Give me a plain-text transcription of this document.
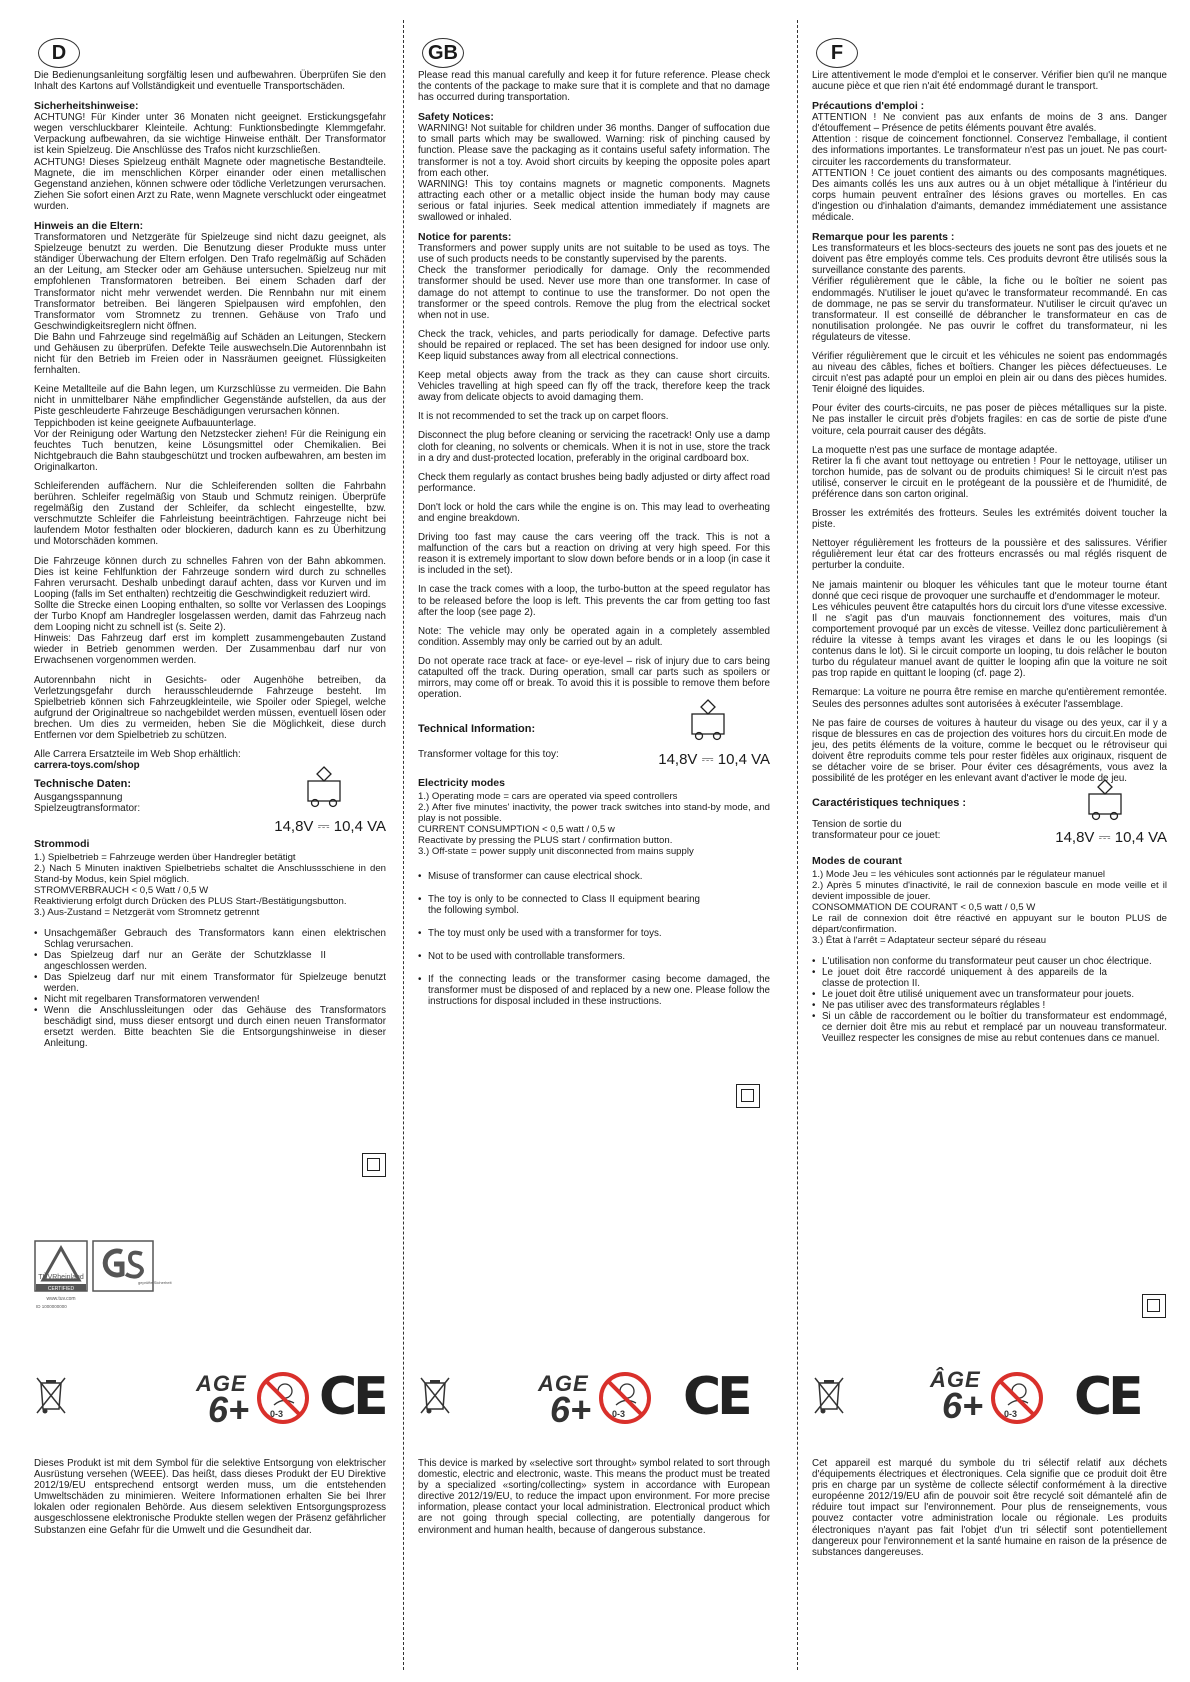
D

Die Bedienungsanleitung sorgfältig lesen und aufbewahren. Überprüfen Sie den Inhalt des Kartons auf Vollständigkeit und eventuelle Transportschäden.

Sicherheitshinweise:

ACHTUNG! Für Kinder unter 36 Monaten nicht geeignet. Erstickungsgefahr wegen verschluckbarer Kleinteile. Achtung: Funktionsbedingte Klemmgefahr. Verpackung aufbewahren, da sie wichtige Hinweise enthält. Der Transformator ist kein Spielzeug. Die Anschlüsse des Trafos nicht kurzschließen.
ACHTUNG! Dieses Spielzeug enthält Magnete oder magnetische Bestandteile. Magnete, die im menschlichen Körper einander oder einen metallischen Gegenstand anziehen, können schwere oder tödliche Verletzungen verursachen. Ziehen Sie sofort einen Arzt zu Rate, wenn Magnete verschluckt oder eingeatmet wurden.

Hinweis an die Eltern:

Transformatoren und Netzgeräte für Spielzeuge sind nicht dazu geeignet, als Spielzeuge benutzt zu werden. Die Benutzung dieser Produkte muss unter ständiger Überwachung der Eltern erfolgen. Den Trafo regelmäßig auf Schäden an der Leitung, am Stecker oder am Gehäuse untersuchen. Spielzeug nur mit empfohlenen Transformatoren betreiben. Bei einem Schaden darf der Transformator nicht mehr verwendet werden. Die Rennbahn nur mit einem Transformator betreiben. Bei längeren Spielpausen wird empfohlen, den Transformator vom Stromnetz zu trennen. Gehäuse von Trafo und Geschwindigkeitsreglern nicht öffnen.
Die Bahn und Fahrzeuge sind regelmäßig auf Schäden an Leitungen, Steckern und Gehäusen zu überprüfen. Defekte Teile auswechseln.Die Autorennbahn ist nicht für den Betrieb im Freien oder in Nassräumen geeignet. Flüssigkeiten fernhalten.

Keine Metallteile auf die Bahn legen, um Kurzschlüsse zu vermeiden. Die Bahn nicht in unmittelbarer Nähe empfindlicher Gegenstände aufstellen, da aus der Piste geschleuderte Fahrzeuge Beschädigungen verursachen können.
Teppichboden ist keine geeignete Aufbauunterlage.
Vor der Reinigung oder Wartung den Netzstecker ziehen! Für die Reinigung ein feuchtes Tuch benutzen, keine Lösungsmittel oder Chemikalien. Bei Nichtgebrauch die Bahn staubgeschützt und trocken aufbewahren, am besten im Originalkarton.

Schleiferenden auffächern. Nur die Schleiferenden sollten die Fahrbahn berühren. Schleifer regelmäßig von Staub und Schmutz reinigen. Überprüfe regelmäßig den Zustand der Schleifer, da schlecht eingestellte, bzw. verschmutzte Schleifer die Fahrleistung beeinträchtigen. Fahrzeuge nicht bei laufendem Motor festhalten oder blockieren, dadurch kann es zu Überhitzung und Motorschäden kommen.

Die Fahrzeuge können durch zu schnelles Fahren von der Bahn abkommen. Dies ist keine Fehlfunktion der Fahrzeuge sondern wird durch zu schnelles Fahren verursacht. Deshalb unbedingt darauf achten, dass vor Kurven und im Looping (falls im Set enthalten) rechtzeitig die Geschwindigkeit reduziert wird.
Sollte die Strecke einen Looping enthalten, so sollte vor Verlassen des Loopings der Turbo Knopf am Handregler losgelassen werden, damit das Fahrzeug nach dem Looping nicht zu schnell ist (s. Seite 2).
Hinweis: Das Fahrzeug darf erst im komplett zusammengebauten Zustand wieder in Betrieb genommen werden. Der Zusammenbau darf nur von Erwachsenen vorgenommen werden.

Autorennbahn nicht in Gesichts- oder Augenhöhe betreiben, da Verletzungsgefahr durch herausschleudernde Fahrzeuge besteht. Im Spielbetrieb können sich Fahrzeugkleinteile, wie Spoiler oder Spiegel, welche aufgrund der Originaltreue so nachgebildet werden müssen, eventuell lösen oder brechen. Um dies zu vermeiden, heben Sie die Möglichkeit, diese durch Entfernen vor dem Spielbetrieb zu schützen.

Alle Carrera Ersatzteile im Web Shop erhältlich:

carrera-toys.com/shop

Technische Daten:
Ausgangsspannung
Spielzeugtransformator:
14,8V ⎓ 10,4 VA
Strommodi
1.) Spielbetrieb = Fahrzeuge werden über Handregler betätigt
2.) Nach 5 Minuten inaktiven Spielbetriebs schaltet die Anschlussschiene in den Stand-by Modus, kein Spiel möglich.
STROMVERBRAUCH < 0,5 Watt / 0,5 W
Reaktivierung erfolgt durch Drücken des PLUS Start-/Bestätigungsbutton.
3.) Aus-Zustand = Netzgerät vom Stromnetz getrennt
• Unsachgemäßer Gebrauch des Transformators kann einen elektrischen Schlag verursachen.
• Das Spielzeug darf nur an Geräte der Schutzklasse II angeschlossen werden.
• Das Spielzeug darf nur mit einem Transformator für Spielzeuge benutzt werden.
• Nicht mit regelbaren Transformatoren verwenden!
• Wenn die Anschlussleitungen oder das Gehäuse des Transformators beschädigt sind, muss dieser entsorgt und durch einen neuen Transformator ersetzt werden. Bitte beachten Sie die Entsorgungshinweise in dieser Anleitung.
TÜVRheinland
CERTIFIED
www.tuv.com
ID 1000000000
geprüfte Sicherheit
AGE
6+ 0-3 CE
Dieses Produkt ist mit dem Symbol für die selektive Entsorgung von elektrischer Ausrüstung versehen (WEEE). Das heißt, dass dieses Produkt der EU Direktive 2012/19/EU entsprechend entsorgt werden muss, um die entstehenden Umweltschäden zu minimieren. Weitere Informationen erhalten Sie bei Ihrer lokalen oder regionalen Behörde. Aus diesem selektiven Entsorgungsprozess ausgeschlossene elektronische Produkte stellen wegen der Präsenz gefährlicher Substanzen eine Gefahr für die Umwelt und die Gesundheit dar.
GB

Please read this manual carefully and keep it for future reference. Please check the contents of the package to make sure that it is complete and that no damage has occurred during transportation.

Safety Notices:

WARNING! Not suitable for children under 36 months. Danger of suffocation due to small parts which may be swallowed. Warning: risk of pinching caused by function. Please save the packaging as it contains useful safety information. The transformer is not a toy. Avoid short circuits by keeping the opposite poles apart from each other.
WARNING! This toy contains magnets or magnetic components. Magnets attracting each other or a metallic object inside the human body may cause serious or fatal injuries. Seek medical attention immediately if magnets are swallowed or inhaled.

Notice for parents:

Transformers and power supply units are not suitable to be used as toys. The use of such products needs to be constantly supervised by the parents.
Check the transformer periodically for damage. Only the recommended transformer should be used. Never use more than one transformer. In case of damage do not attempt to continue to use the transformer. Do not open the transformer or the speed controls. Remove the plug from the electrical socket when not in use.

Check the track, vehicles, and parts periodically for damage. Defective parts should be repaired or replaced. The set has been designed for indoor use only. Keep liquid substances away from all electrical connections.

Keep metal objects away from the track as they can cause short circuits. Vehicles travelling at high speed can fly off the track, therefore keep the track away from delicate objects to avoid damaging them.

It is not recommended to set the track up on carpet floors.

Disconnect the plug before cleaning or servicing the racetrack! Only use a damp cloth for cleaning, no solvents or chemicals. When it is not in use, store the track in a dry and dust-protected location, preferably in the original cardboard box.

Check them regularly as contact brushes being badly adjusted or dirty affect road performance.

Don't lock or hold the cars while the engine is on. This may lead to overheating and engine breakdown.

Driving too fast may cause the cars veering off the track. This is not a malfunction of the cars but a reaction on driving at very high speed. For this reason it is extremely important to slow down before bends or in a loop (in case it is included in the set).

In case the track comes with a loop, the turbo-button at the speed regulator has to be released before the loop is left. This prevents the car from getting too fast after the loop (see page 2).

Note: The vehicle may only be operated again in a completely assembled condition. Assembly may only be carried out by an adult.

Do not operate race track at face- or eye-level – risk of injury due to cars being catapulted off the track. During operation, small car parts such as spoilers or mirrors, may come off or break. To avoid this it is possible to remove them before operation.

Technical Information:
Transformer voltage for this toy:	14,8V ⎓ 10,4 VA
Electricity modes
1.) Operating mode = cars are operated via speed controllers
2.) After five minutes' inactivity, the power track switches into stand-by mode, and play is not possible.
CURRENT CONSUMPTION < 0,5 watt / 0,5 w
Reactivate by pressing the PLUS start / confirmation button.
3.) Off-state = power supply unit disconnected from mains supply
• Misuse of transformer can cause electrical shock.
• The toy is only to be connected to Class II equipment bearing the following symbol.
• The toy must only be used with a transformer for toys.
• Not to be used with controllable transformers.
• If the connecting leads or the transformer casing become damaged, the transformer must be disposed of and replaced by a new one. Please follow the instructions for disposal included in these instructions.
AGE
6+ 0-3 CE
This device is marked by «selective sort throught» symbol related to sort through domestic, electric and electronic, waste. This means the product must be treated by a specialized «sorting/collecting» system in accordance with European directive 2012/19/EU, to reduce the impact upon environment. For more precise information, please contact your local administration. Electronical product which are not going through special collecting, are potentially dangerous for environment and human health, because of dangerous substance.
F

Lire attentivement le mode d'emploi et le conserver. Vérifier bien qu'il ne manque aucune pièce et que rien n'ait été endommagé durant le transport.

Précautions d'emploi :

ATTENTION ! Ne convient pas aux enfants de moins de 3 ans. Danger d'étouffement – Présence de petits éléments pouvant être avalés.
Attention : risque de coincement fonctionnel. Conservez l'emballage, il contient des informations importantes. Le transformateur n'est pas un jouet. Ne pas court-circuiter les raccordements du transformateur.
ATTENTION ! Ce jouet contient des aimants ou des composants magnétiques. Des aimants collés les uns aux autres ou à un objet métallique à l'intérieur du corps humain peuvent entraîner des lésions graves ou mortelles. En cas d'ingestion ou d'inhalation d'aimants, demandez immédiatement une assistance médicale.

Remarque pour les parents :

Les transformateurs et les blocs-secteurs des jouets ne sont pas des jouets et ne doivent pas être employés comme tels. Ces produits devront être utilisés sous la surveillance constante des parents.
Vérifier régulièrement que le câble, la fiche ou le boîtier ne soient pas endommagés. N'utiliser le jouet qu'avec le transformateur recommandé. En cas de dommage, ne pas se servir du transformateur. N'utiliser le circuit qu'avec un transformateur. Il est conseillé de débrancher le transformateur en cas de nonutilisation prolongée. Ne pas ouvrir le coffret du transformateur, ni les régulateurs de vitesse.

Vérifier régulièrement que le circuit et les véhicules ne soient pas endommagés au niveau des câbles, fiches et boîtiers. Changer les pièces défectueuses. Le circuit n'est pas adapté pour un emploi en plein air ou dans des pièces humides. Tenir éloigné des liquides.

Pour éviter des courts-circuits, ne pas poser de pièces métalliques sur la piste. Ne pas installer le circuit près d'objets fragiles: en cas de sortie de piste d'une voiture, cela pourrait causer des dégâts.

La moquette n'est pas une surface de montage adaptée.
Retirer la fi che avant tout nettoyage ou entretien ! Pour le nettoyage, utiliser un torchon humide, pas de solvant ou de produits chimiques! Si le circuit n'est pas utilisé, conserver le circuit en le protégeant de la poussière et de l'humidité, de préférence dans son carton original.

Brosser les extrémités des frotteurs. Seules les extrémités doivent toucher la piste.

Nettoyer régulièrement les frotteurs de la poussière et des salissures. Vérifier régulièrement leur état car des frotteurs encrassés ou mal réglés risquent de perturber la conduite.

Ne jamais maintenir ou bloquer les véhicules tant que le moteur tourne étant donné que ceci risque de provoquer une surchauffe et d'endommager le moteur.
Les véhicules peuvent être catapultés hors du circuit lors d'une vitesse excessive. Il ne s'agit pas d'un mauvais fonctionnement des voitures, mais d'un comportement provoqué par un excès de vitesse. Veillez donc particulièrement à réduire la vitesse à temps avant les virages et dans le ou les loopings (si contenus dans le lot). Si le circuit comporte un looping, tu dois relâcher le bouton turbo du régulateur manuel avant de quitter le looping afin que la voiture ne soit pas trop rapide en quittant le looping (cf. page 2).

Remarque: La voiture ne pourra être remise en marche qu'entièrement remontée. Seules des personnes adultes sont autorisées à exécuter l'assemblage.

Ne pas faire de courses de voitures à hauteur du visage ou des yeux, car il y a risque de blessures en cas de projection des voitures hors du circuit.En mode de jeu, des petits éléments de la voiture, comme le becquet ou le rétroviseur qui doivent être reproduits comme tels pour rester fidèles aux originaux, risquent de se détacher voire de se briser. Pour éviter ces désagréments, vous avez la possibilité de les protéger en les enlevant avant d'activer le mode de jeu.

Caractéristiques techniques :
Tension de sortie du
transformateur pour ce jouet:	14,8V ⎓ 10,4 VA
Modes de courant
1.) Mode Jeu = les véhicules sont actionnés par le régulateur manuel
2.) Après 5 minutes d'inactivité, le rail de connexion bascule en mode veille et il devient impossible de jouer.
CONSOMMATION DE COURANT < 0,5 watt / 0,5 W
Le rail de connexion doit être réactivé en appuyant sur le bouton PLUS de départ/confirmation.
3.) État à l'arrêt = Adaptateur secteur séparé du réseau
• L'utilisation non conforme du transformateur peut causer un choc électrique.
• Le jouet doit être raccordé uniquement à des appareils de la classe de protection II.
• Le jouet doit être utilisé uniquement avec un transformateur pour jouets.
• Ne pas utiliser avec des transformateurs réglables !
• Si un câble de raccordement ou le boîtier du transformateur est endommagé, ce dernier doit être mis au rebut et remplacé par un nouveau transformateur. Veuillez respecter les consignes de mise au rebut contenues dans ce manuel.
ÂGE
6+ 0-3 CE
Cet appareil est marqué du symbole du tri sélectif relatif aux déchets d'équipements électriques et électroniques. Cela signifie que ce produit doit être pris en charge par un système de collecte sélectif conformément à la directive européenne 2012/19/EU afin de pouvoir soit être recyclé soit démantelé afin de réduire tout impact sur l'environnement. Pour plus de renseignements, vous pouvez contacter votre administration locale ou régionale. Les produits électroniques n'ayant pas fait l'objet d'un tri sélectif sont potentiellement dangereux pour l'environnement et la santé humaine en raison de la présence de substances dangereuses.
